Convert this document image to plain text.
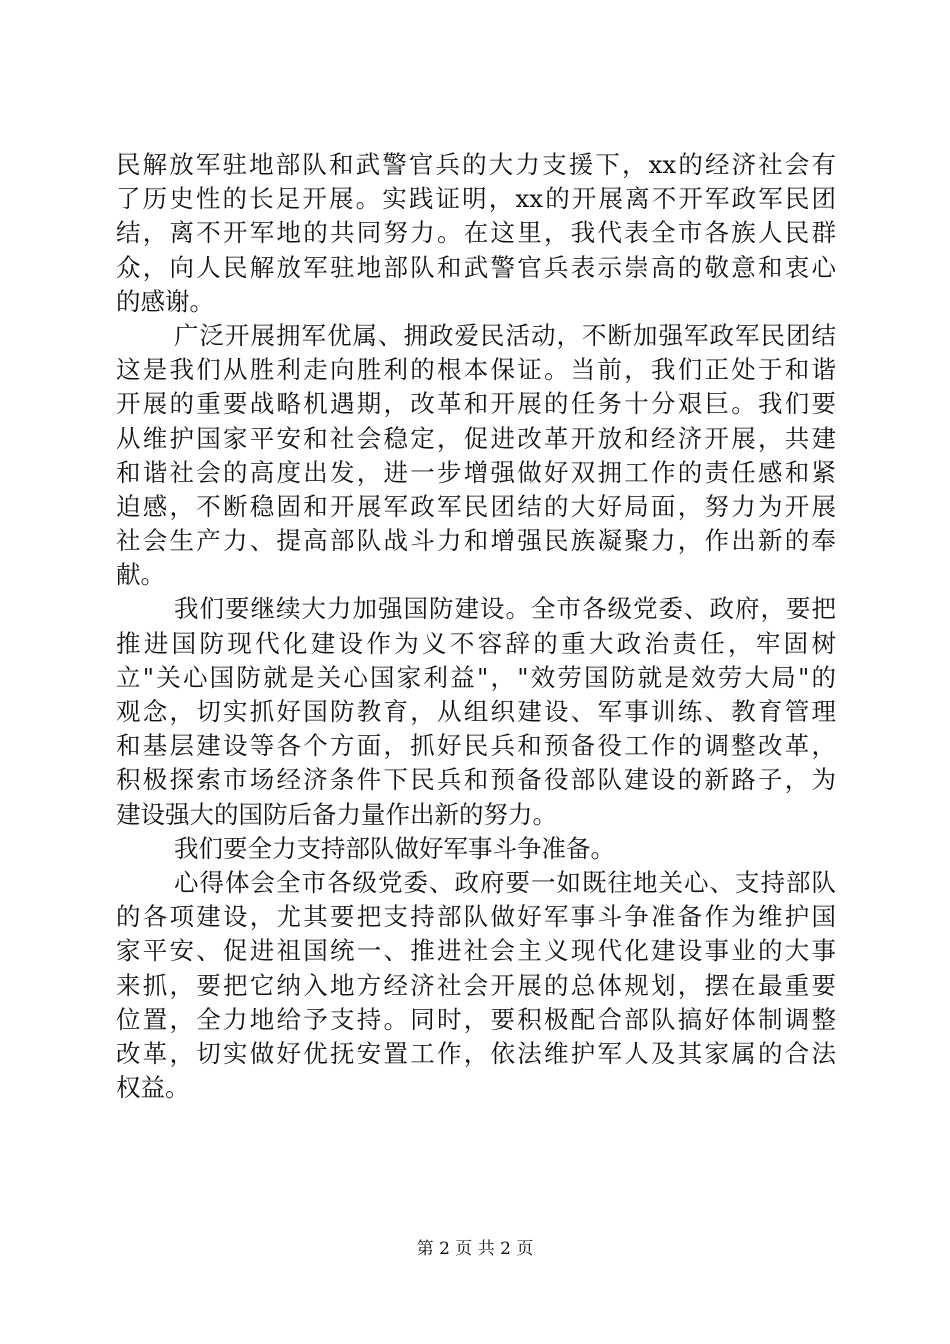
民解放军驻地部队和武警官兵的大力支援下，xx的经济社会有
了历史性的长足开展。实践证明，xx的开展离不开军政军民团
结，离不开军地的共同努力。在这里，我代表全市各族人民群
众，向人民解放军驻地部队和武警官兵表示崇高的敬意和衷心
的感谢。
广泛开展拥军优属、拥政爱民活动，不断加强军政军民团结
这是我们从胜利走向胜利的根本保证。当前，我们正处于和谐
开展的重要战略机遇期，改革和开展的任务十分艰巨。我们要
从维护国家平安和社会稳定，促进改革开放和经济开展，共建
和谐社会的高度出发，进一步增强做好双拥工作的责任感和紧
迫感，不断稳固和开展军政军民团结的大好局面，努力为开展
社会生产力、提高部队战斗力和增强民族凝聚力，作出新的奉
献。
我们要继续大力加强国防建设。全市各级党委、政府，要把
推进国防现代化建设作为义不容辞的重大政治责任，牢固树
立"关心国防就是关心国家利益"，"效劳国防就是效劳大局"的
观念，切实抓好国防教育，从组织建设、军事训练、教育管理
和基层建设等各个方面，抓好民兵和预备役工作的调整改革，
积极探索市场经济条件下民兵和预备役部队建设的新路子，为
建设强大的国防后备力量作出新的努力。
我们要全力支持部队做好军事斗争准备。
心得体会全市各级党委、政府要一如既往地关心、支持部队
的各项建设，尤其要把支持部队做好军事斗争准备作为维护国
家平安、促进祖国统一、推进社会主义现代化建设事业的大事
来抓，要把它纳入地方经济社会开展的总体规划，摆在最重要
位置，全力地给予支持。同时，要积极配合部队搞好体制调整
改革，切实做好优抚安置工作，依法维护军人及其家属的合法
权益。
第 2 页 共 2 页
